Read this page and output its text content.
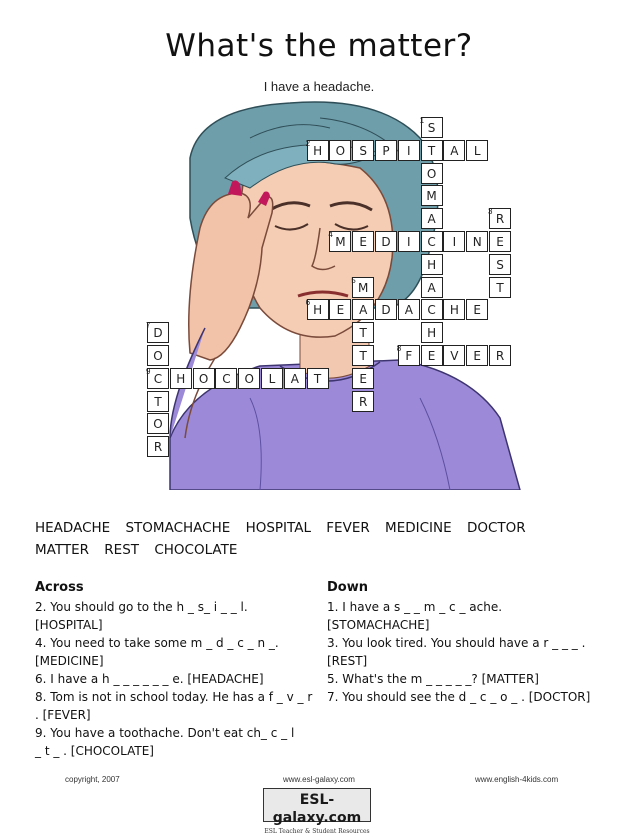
What's the matter?
I have a headache.
S
H	O	S	P	I	T	A	L
O
M
A	R
M	E	D	I	C	I	N	E
H	S
M	A	T
H	E	A	D	A	C	H	E
D	T	H
O	T	F	E	V	E	R
C	H	O	C	O	L	A	T	E
T	R
O
R
1
2
3
4
5
6
7
8
9
HEADACHE STOMACHACHE HOSPITAL FEVER MEDICINE DOCTOR MATTER REST CHOCOLATE
Across
2. You should go to the h _ s_ i _ _ l.
[HOSPITAL]
4. You need to take some m _ d _ c _ n _.
[MEDICINE]
6. I have a h _ _ _ _ _ _ e. [HEADACHE]
8. Tom is not in school today. He has a f _ v _ r
. [FEVER]
9. You have a toothache. Don't eat ch_ c _ l
_ t _ . [CHOCOLATE]
Down
1. I have a s _ _ m _ c _ ache.
[STOMACHACHE]
3. You look tired. You should have a r _ _ _ .
[REST]
5. What's the m _ _ _ _ _? [MATTER]
7. You should see the d _ c _ o _ . [DOCTOR]
copyright, 2007	www.esl-galaxy.com	www.english-4kids.com
ESL-galaxy.com
ESL Teacher & Student Resources
